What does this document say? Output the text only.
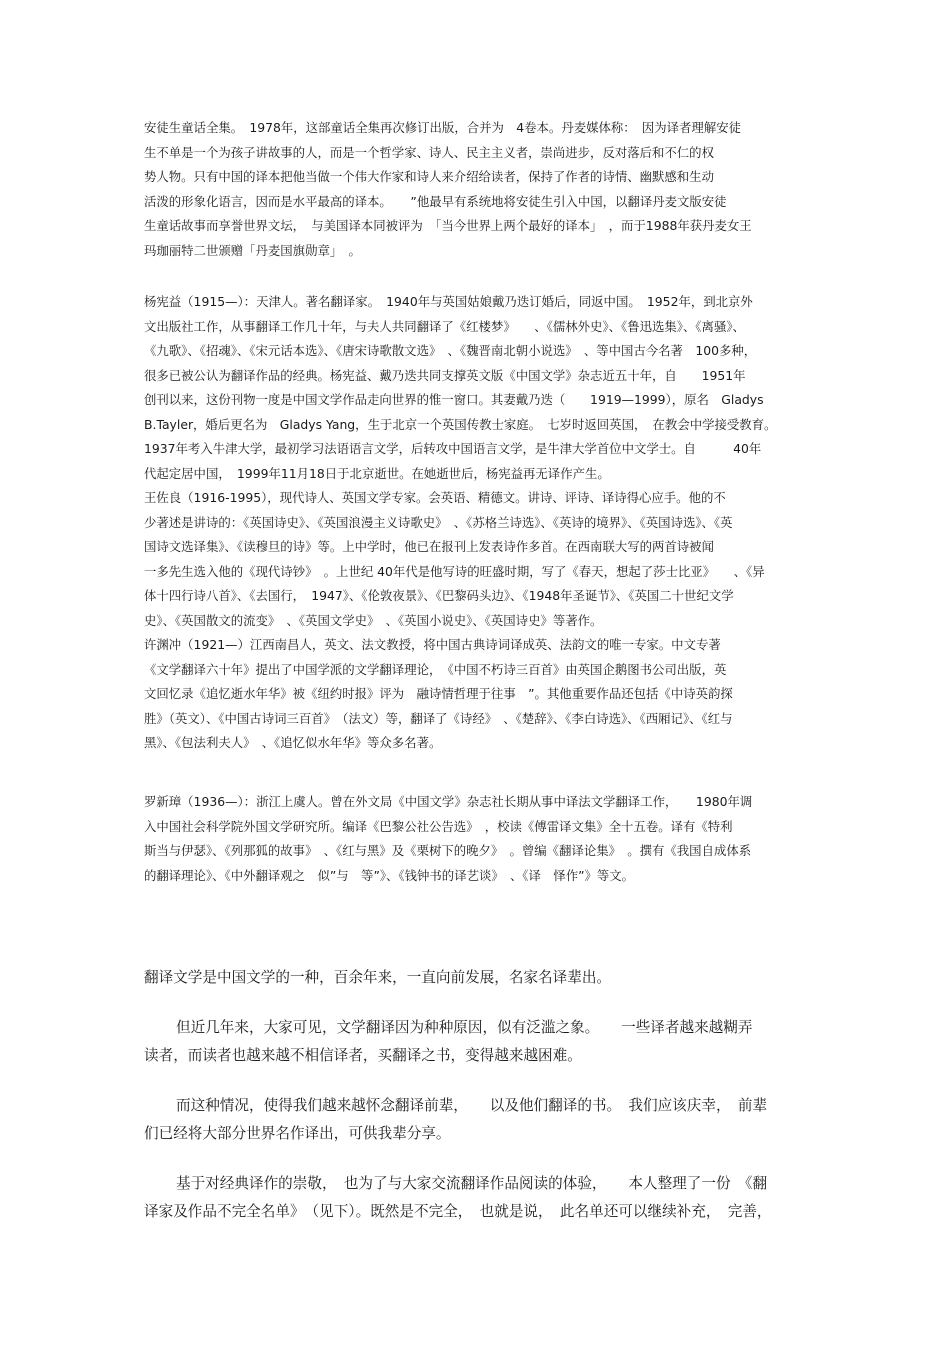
安徒生童话全集。　1978年，这部童话全集再次修订出版，合并为　4卷本。丹麦媒体称：　因为译者理解安徒
生不单是一个为孩子讲故事的人，而是一个哲学家、诗人、民主主义者，崇尚进步，反对落后和不仁的权
势人物。只有中国的译本把他当做一个伟大作家和诗人来介绍给读者，保持了作者的诗情、幽默感和生动
活泼的形象化语言，因而是水平最高的译本。　　”他最早有系统地将安徒生引入中国，以翻译丹麦文版安徒
生童话故事而享誉世界文坛，　与美国译本同被评为　「当今世界上两个最好的译本」　，而于1988年获丹麦女王
玛珈丽特二世颁赠「丹麦国旗勋章」　。
杨宪益（1915—）：天津人。著名翻译家。　1940年与英国姑娘戴乃迭订婚后，同返中国。　1952年，到北京外
文出版社工作，从事翻译工作几十年，与夫人共同翻译了《红楼梦》　　、《儒林外史》、《鲁迅选集》、《离骚》、
《九歌》、《招魂》、《宋元话本选》、《唐宋诗歌散文选》　、《魏晋南北朝小说选》　、等中国古今名著　100多种，
很多已被公认为翻译作品的经典。杨宪益、戴乃迭共同支撑英文版《中国文学》杂志近五十年，自　　1951年
创刊以来，这份刊物一度是中国文学作品走向世界的惟一窗口。其妻戴乃迭（　　1919—1999），原名　Gladys
B.Tayler，婚后更名为　Gladys Yang，生于北京一个英国传教士家庭。　七岁时返回英国，　在教会中学接受教育。
1937年考入牛津大学，最初学习法语语言文学，后转攻中国语言文学，是牛津大学首位中文学士。自　　　40年
代起定居中国，　1999年11月18日于北京逝世。在她逝世后，杨宪益再无译作产生。
王佐良（1916-1995），现代诗人、英国文学专家。会英语、精德文。讲诗、评诗、译诗得心应手。他的不
少著述是讲诗的：《英国诗史》、《英国浪漫主义诗歌史》　、《苏格兰诗选》、《英诗的境界》、《英国诗选》、《英
国诗文选译集》、《读穆旦的诗》等。上中学时，他已在报刊上发表诗作多首。在西南联大写的两首诗被闻
一多先生选入他的《现代诗钞》　。上世纪 40年代是他写诗的旺盛时期，写了《春天，想起了莎士比亚》　　、《异
体十四行诗八首》、《去国行，　1947》、《伦敦夜景》、《巴黎码头边》、《1948年圣诞节》、《英国二十世纪文学
史》、《英国散文的流变》　、《英国文学史》　、《英国小说史》、《英国诗史》等著作。
许渊冲（1921—）江西南昌人，英文、法文教授，将中国古典诗词译成英、法韵文的唯一专家。中文专著
《文学翻译六十年》提出了中国学派的文学翻译理论，　《中国不朽诗三百首》由英国企鹅图书公司出版，英
文回忆录《追忆逝水年华》被《纽约时报》评为　融诗情哲理于往事　”。其他重要作品还包括《中诗英韵探
胜》（英文）、《中国古诗词三百首》　（法文）等，翻译了《诗经》　、《楚辞》、《李白诗选》、《西厢记》、《红与
黑》、《包法利夫人》　、《追忆似水年华》等众多名著。
罗新璋（1936—）：浙江上虞人。曾在外文局《中国文学》杂志社长期从事中译法文学翻译工作，　　1980年调
入中国社会科学院外国文学研究所。编译《巴黎公社公告选》　，校读《傅雷译文集》全十五卷。译有《特利
斯当与伊瑟》、《列那狐的故事》　、《红与黑》及《栗树下的晚夕》　。曾编《翻译论集》　。撰有《我国自成体系
的翻译理论》、《中外翻译观之　似”与　等”》、《钱钟书的译艺谈》　、《译　怿作”》等文。
翻译文学是中国文学的一种，百余年来，一直向前发展，名家名译辈出。
但近几年来，大家可见，文学翻译因为种种原因，似有泛滥之象。　　一些译者越来越糊弄
读者，而读者也越来越不相信译者，买翻译之书，变得越来越困难。
而这种情况，使得我们越来越怀念翻译前辈，　　以及他们翻译的书。　我们应该庆幸，　前辈
们已经将大部分世界名作译出，可供我辈分享。
基于对经典译作的崇敬，　也为了与大家交流翻译作品阅读的体验，　　本人整理了一份　《翻
译家及作品不完全名单》　（见下）。既然是不完全，　也就是说，　此名单还可以继续补充，　完善，
